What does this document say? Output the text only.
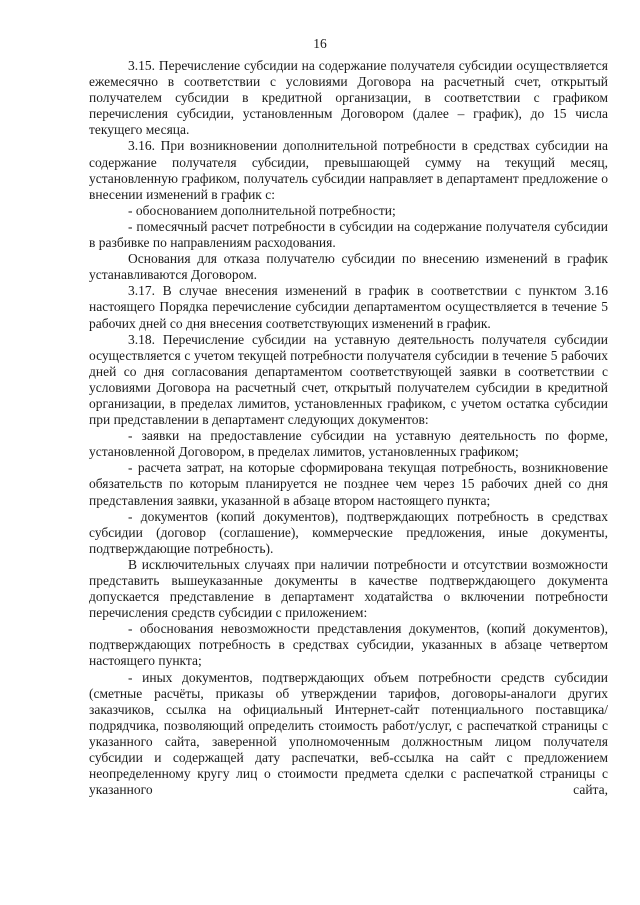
16

3.15. Перечисление субсидии на содержание получателя субсидии осуществляется ежемесячно в соответствии с условиями Договора на расчетный счет, открытый получателем субсидии в кредитной организации, в соответствии с графиком перечисления субсидии, установленным Договором (далее – график), до 15 числа текущего месяца.

3.16. При возникновении дополнительной потребности в средствах субсидии на содержание получателя субсидии, превышающей сумму на текущий месяц, установленную графиком, получатель субсидии направляет в департамент предложение о внесении изменений в график с:

- обоснованием дополнительной потребности;

- помесячный расчет потребности в субсидии на содержание получателя субсидии в разбивке по направлениям расходования.

Основания для отказа получателю субсидии по внесению изменений в график устанавливаются Договором.

3.17. В случае внесения изменений в график в соответствии с пунктом 3.16 настоящего Порядка перечисление субсидии департаментом осуществляется в течение 5 рабочих дней со дня внесения соответствующих изменений в график.

3.18. Перечисление субсидии на уставную деятельность получателя субсидии осуществляется с учетом текущей потребности получателя субсидии в течение 5 рабочих дней со дня согласования департаментом соответствующей заявки в соответствии с условиями Договора на расчетный счет, открытый получателем субсидии в кредитной организации, в пределах лимитов, установленных графиком, с учетом остатка субсидии при представлении в департамент следующих документов:

- заявки на предоставление субсидии на уставную деятельность по форме, установленной Договором, в пределах лимитов, установленных графиком;

- расчета затрат, на которые сформирована текущая потребность, возникновение обязательств по которым планируется не позднее чем через 15 рабочих дней со дня представления заявки, указанной в абзаце втором настоящего пункта;

- документов (копий документов), подтверждающих потребность в средствах субсидии (договор (соглашение), коммерческие предложения, иные документы, подтверждающие потребность).

В исключительных случаях при наличии потребности и отсутствии возможности представить вышеуказанные документы в качестве подтверждающего документа допускается представление в департамент ходатайства о включении потребности перечисления средств субсидии с приложением:

- обоснования невозможности представления документов, (копий документов), подтверждающих потребность в средствах субсидии, указанных в абзаце четвертом настоящего пункта;

- иных документов, подтверждающих объем потребности средств субсидии (сметные расчёты, приказы об утверждении тарифов, договоры-аналоги других заказчиков, ссылка на официальный Интернет-сайт потенциального поставщика/подрядчика, позволяющий определить стоимость работ/услуг, с распечаткой страницы с указанного сайта, заверенной уполномоченным должностным лицом получателя субсидии и содержащей дату распечатки, веб-ссылка на сайт с предложением неопределенному кругу лиц о стоимости предмета сделки с распечаткой страницы с указанного сайта,
